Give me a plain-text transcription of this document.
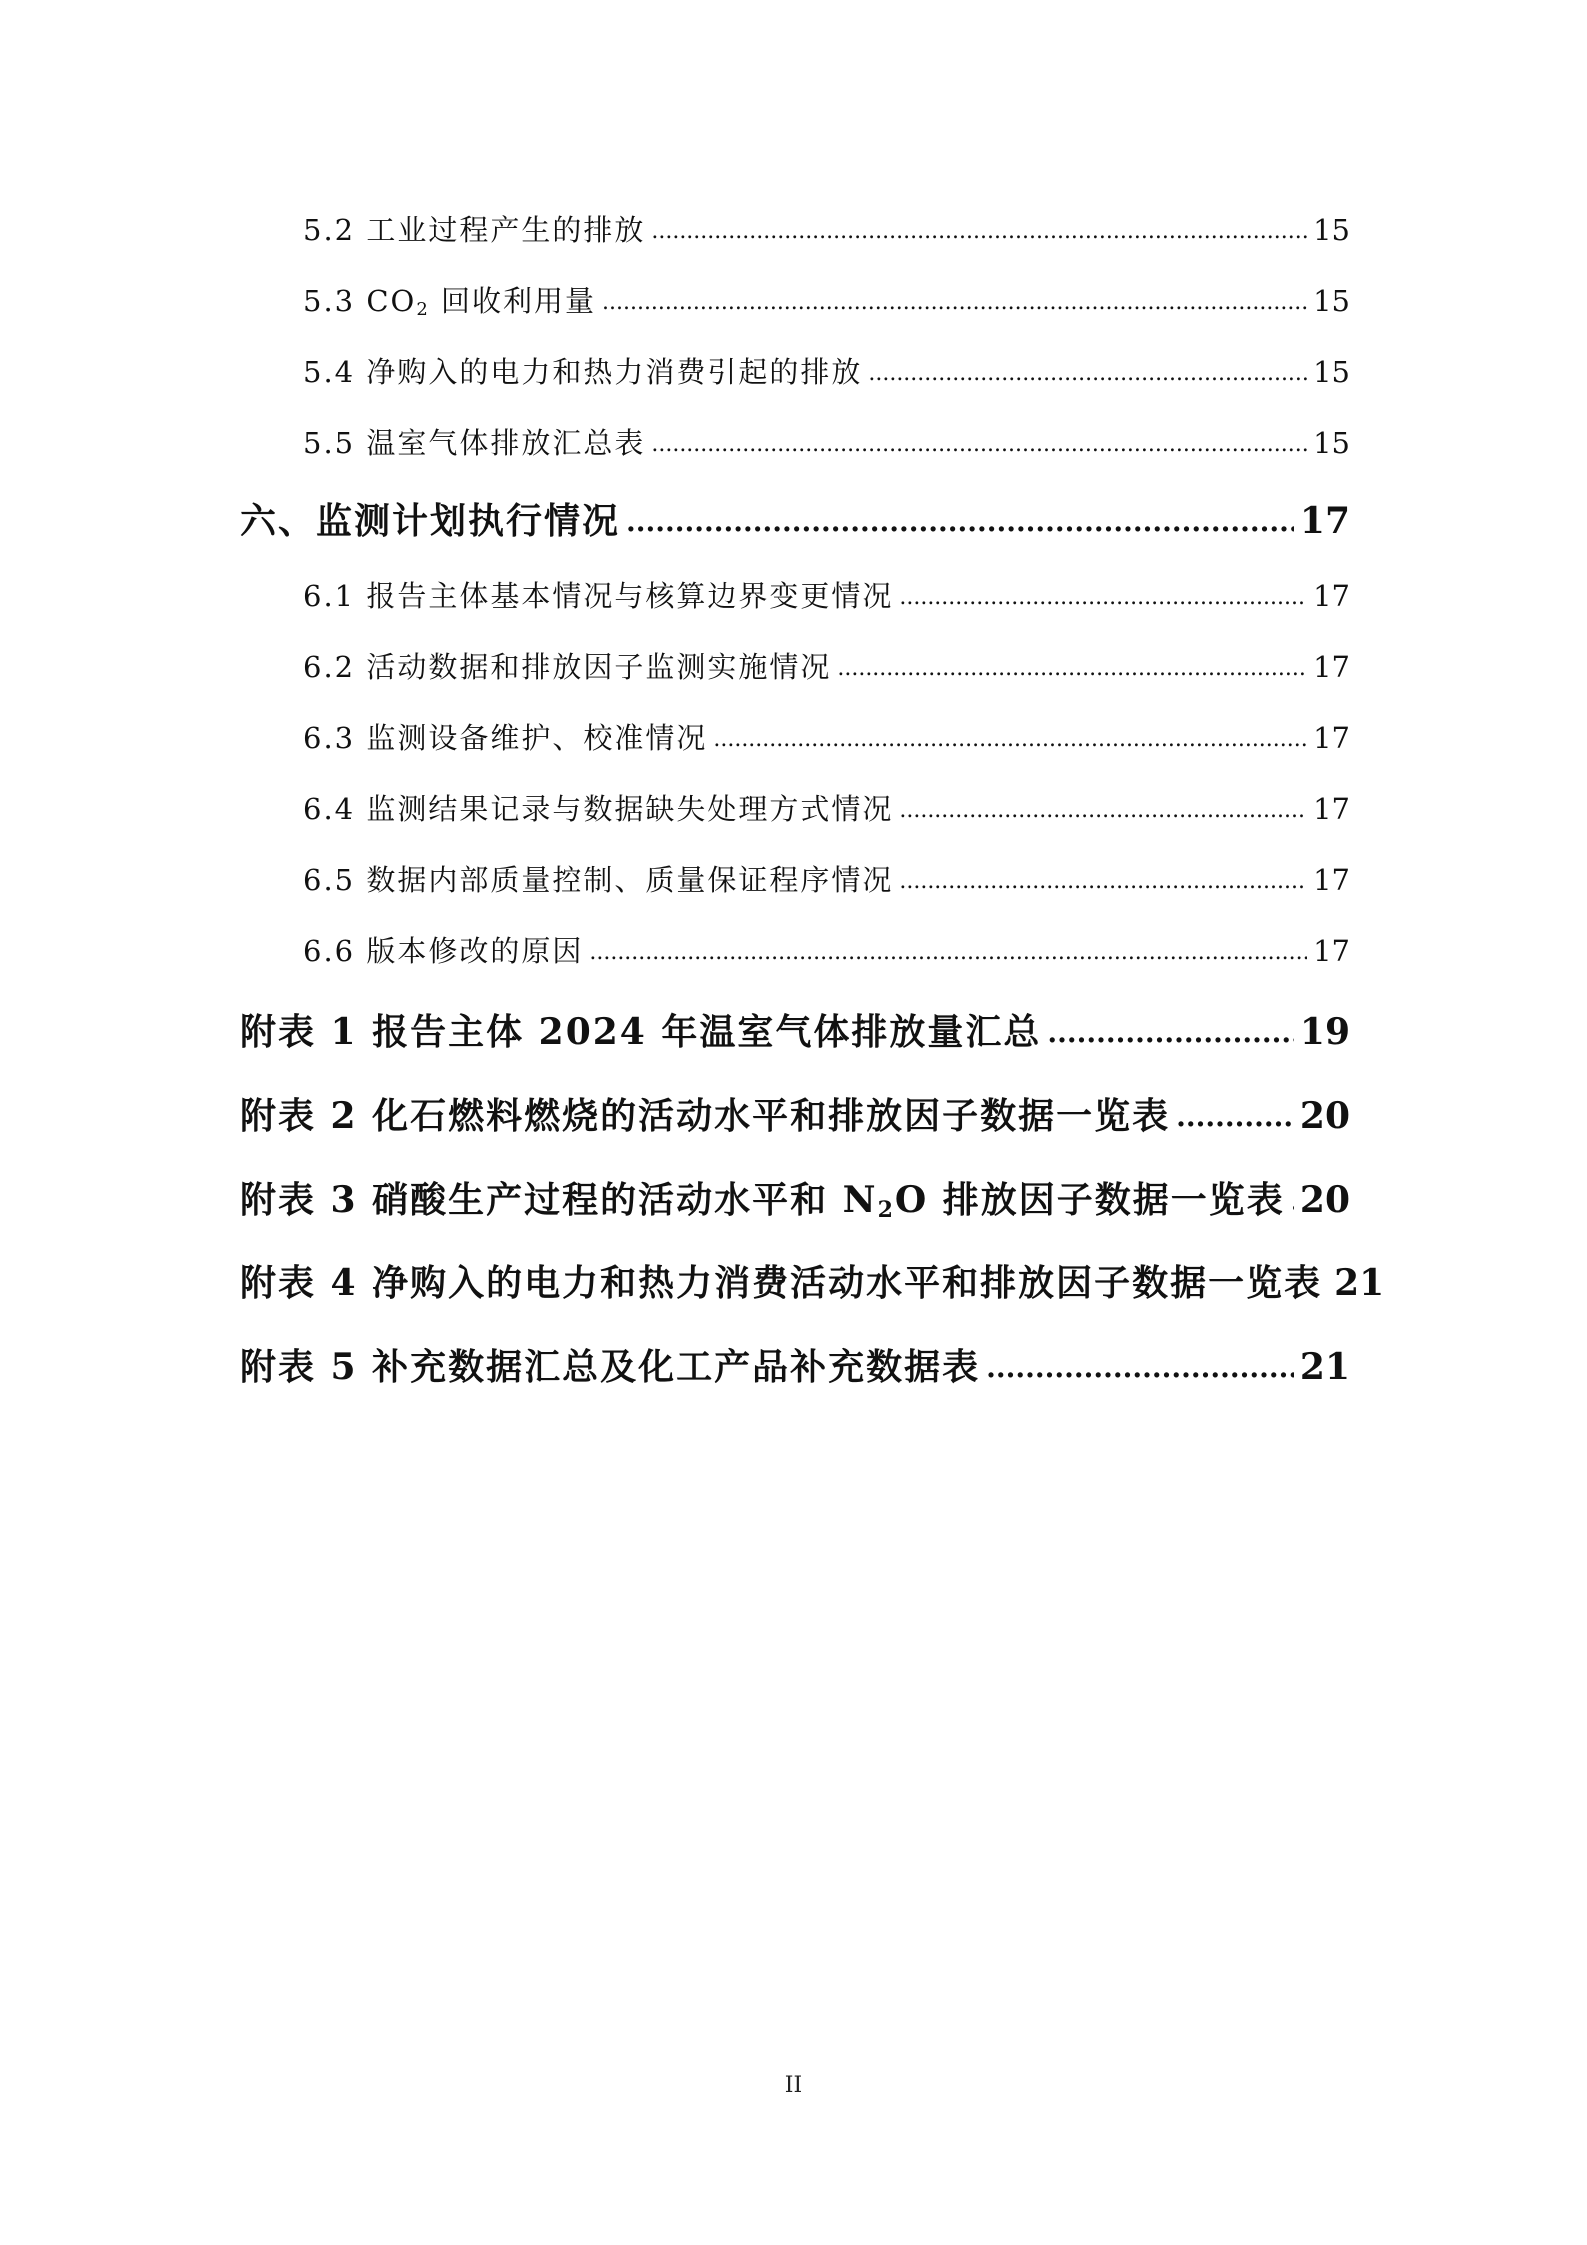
5.2 工业过程产生的排放 .....	15
5.3 CO2 回收利用量 .....	15
5.4 净购入的电力和热力消费引起的排放 .....	15
5.5 温室气体排放汇总表 .....	15
六、监测计划执行情况 .....	17
6.1 报告主体基本情况与核算边界变更情况 .....	17
6.2 活动数据和排放因子监测实施情况 .....	17
6.3 监测设备维护、校准情况 .....	17
6.4 监测结果记录与数据缺失处理方式情况 .....	17
6.5 数据内部质量控制、质量保证程序情况 .....	17
6.6 版本修改的原因 .....	17
附表 1 报告主体 2024 年温室气体排放量汇总 .....	19
附表 2 化石燃料燃烧的活动水平和排放因子数据一览表 .....	20
附表 3 硝酸生产过程的活动水平和 N2O 排放因子数据一览表 ..... 20
附表 4 净购入的电力和热力消费活动水平和排放因子数据一览表 21
附表 5 补充数据汇总及化工产品补充数据表 .....	21
II
